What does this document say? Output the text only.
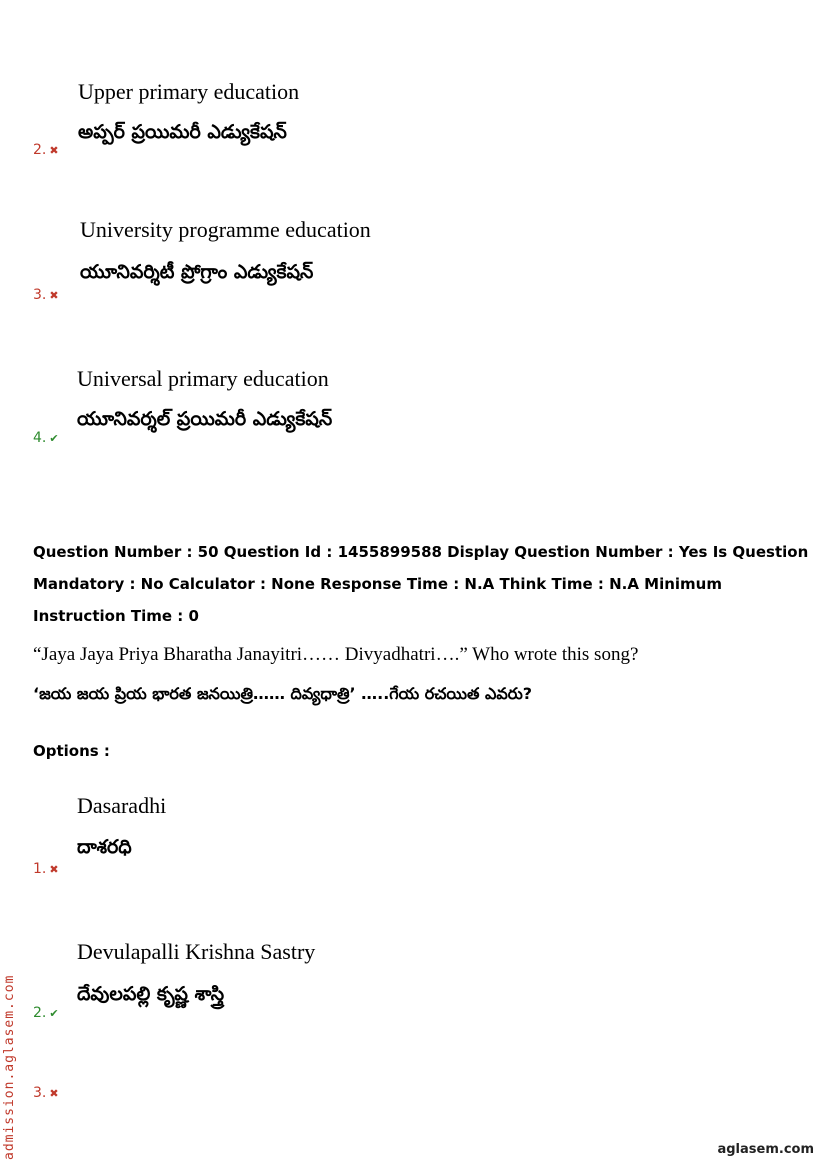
Upper primary education
అప్పర్ ప్రయిమరీ ఎడ్యుకేషన్
2. ✖
University programme education
యూనివర్శిటీ ప్రోగ్రాం ఎడ్యుకేషన్
3. ✖
Universal primary education
యూనివర్శల్ ప్రయిమరీ ఎడ్యుకేషన్
4. ✔
Question Number : 50 Question Id : 1455899588 Display Question Number : Yes Is Question Mandatory : No Calculator : None Response Time : N.A Think Time : N.A Minimum Instruction Time : 0
“Jaya Jaya Priya Bharatha Janayitri…… Divyadhatri….” Who wrote this song?
‘జయ జయ ప్రియ భారత జనయిత్రి…… దివ్యధాత్రి’ …..గేయ రచయిత ఎవరు?
Options :
Dasaradhi
దాశరధి
1. ✖
Devulapalli Krishna Sastry
దేవులపల్లి కృష్ణ శాస్త్రి
2. ✔
3. ✖
admission.aglasem.com	aglasem.com
